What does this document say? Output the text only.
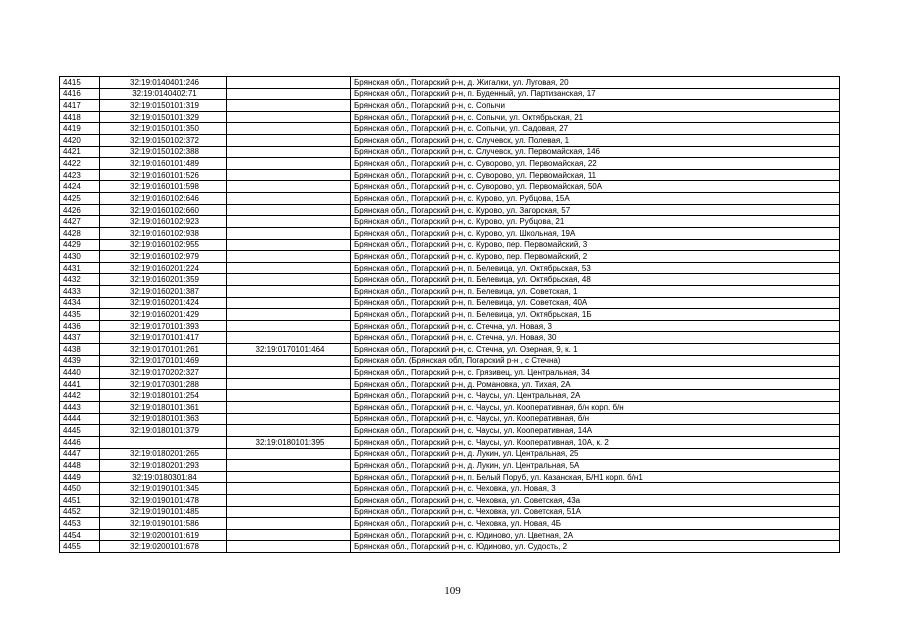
4415	32:19:0140401:246		Брянская обл., Погарский р-н, д. Жигалки, ул. Луговая, 20
4416	32:19:0140402:71		Брянская обл., Погарский р-н, п. Буденный, ул. Партизанская, 17
4417	32:19:0150101:319		Брянская обл., Погарский р-н, с. Сопычи
4418	32:19:0150101:329		Брянская обл., Погарский р-н, с. Сопычи, ул. Октябрьская, 21
4419	32:19:0150101:350		Брянская обл., Погарский р-н, с. Сопычи, ул. Садовая, 27
4420	32:19:0150102:372		Брянская обл., Погарский р-н, с. Случевск, ул. Полевая, 1
4421	32:19:0150102:388		Брянская обл., Погарский р-н, с. Случевск, ул. Первомайская, 146
4422	32:19:0160101:489		Брянская обл., Погарский р-н, с. Суворово, ул. Первомайская, 22
4423	32:19:0160101:526		Брянская обл., Погарский р-н, с. Суворово, ул. Первомайская, 11
4424	32:19:0160101:598		Брянская обл., Погарский р-н, с. Суворово, ул. Первомайская, 50А
4425	32:19:0160102:646		Брянская обл., Погарский р-н, с. Курово, ул. Рубцова, 15А
4426	32:19:0160102:660		Брянская обл., Погарский р-н, с. Курово, ул. Загорская, 57
4427	32:19:0160102:923		Брянская обл., Погарский р-н, с. Курово, ул. Рубцова, 21
4428	32:19:0160102:938		Брянская обл., Погарский р-н, с. Курово, ул. Школьная, 19А
4429	32:19:0160102:955		Брянская обл., Погарский р-н, с. Курово, пер. Первомайский, 3
4430	32:19:0160102:979		Брянская обл., Погарский р-н, с. Курово, пер. Первомайский, 2
4431	32:19:0160201:224		Брянская обл., Погарский р-н, п. Белевица, ул. Октябрьская, 53
4432	32:19:0160201:359		Брянская обл., Погарский р-н, п. Белевица, ул. Октябрьская, 48
4433	32:19:0160201:387		Брянская обл., Погарский р-н, п. Белевица, ул. Советская, 1
4434	32:19:0160201:424		Брянская обл., Погарский р-н, п. Белевица, ул. Советская, 40А
4435	32:19:0160201:429		Брянская обл., Погарский р-н, п. Белевица, ул. Октябрьская, 1Б
4436	32:19:0170101:393		Брянская обл., Погарский р-н, с. Стечна, ул. Новая, 3
4437	32:19:0170101:417		Брянская обл., Погарский р-н, с. Стечна, ул. Новая, 30
4438	32:19:0170101:261	32:19:0170101:464	Брянская обл., Погарский р-н, с. Стечна, ул. Озерная, 9, к. 1
4439	32:19:0170101:469		Брянская обл. (Брянская обл, Погарский р-н , с Стечна)
4440	32:19:0170202:327		Брянская обл., Погарский р-н, с. Грязивец, ул. Центральная, 34
4441	32:19:0170301:288		Брянская обл., Погарский р-н, д. Романовка, ул. Тихая, 2А
4442	32:19:0180101:254		Брянская обл., Погарский р-н, с. Чаусы, ул. Центральная, 2А
4443	32:19:0180101:361		Брянская обл., Погарский р-н, с. Чаусы, ул. Кооперативная, б/н корп. б/н
4444	32:19:0180101:363		Брянская обл., Погарский р-н, с. Чаусы, ул. Кооперативная, б/н
4445	32:19:0180101:379		Брянская обл., Погарский р-н, с. Чаусы, ул. Кооперативная, 14А
4446		32:19:0180101:395	Брянская обл., Погарский р-н, с. Чаусы, ул. Кооперативная, 10А, к. 2
4447	32:19:0180201:265		Брянская обл., Погарский р-н, д. Лукин, ул. Центральная, 25
4448	32:19:0180201:293		Брянская обл., Погарский р-н, д. Лукин, ул. Центральная, 5А
4449	32:19:0180301:84		Брянская обл., Погарский р-н, п. Белый Поруб, ул. Казанская, Б/Н1 корп. б/н1
4450	32:19:0190101:345		Брянская обл., Погарский р-н, с. Чеховка, ул. Новая, 3
4451	32:19:0190101:478		Брянская обл., Погарский р-н, с. Чеховка, ул. Советская, 43а
4452	32:19:0190101:485		Брянская обл., Погарский р-н, с. Чеховка, ул. Советская, 51А
4453	32:19:0190101:586		Брянская обл., Погарский р-н, с. Чеховка, ул. Новая, 4Б
4454	32:19:0200101:619		Брянская обл., Погарский р-н, с. Юдиново, ул. Цветная, 2А
4455	32:19:0200101:678		Брянская обл., Погарский р-н, с. Юдиново, ул. Судость, 2
109
